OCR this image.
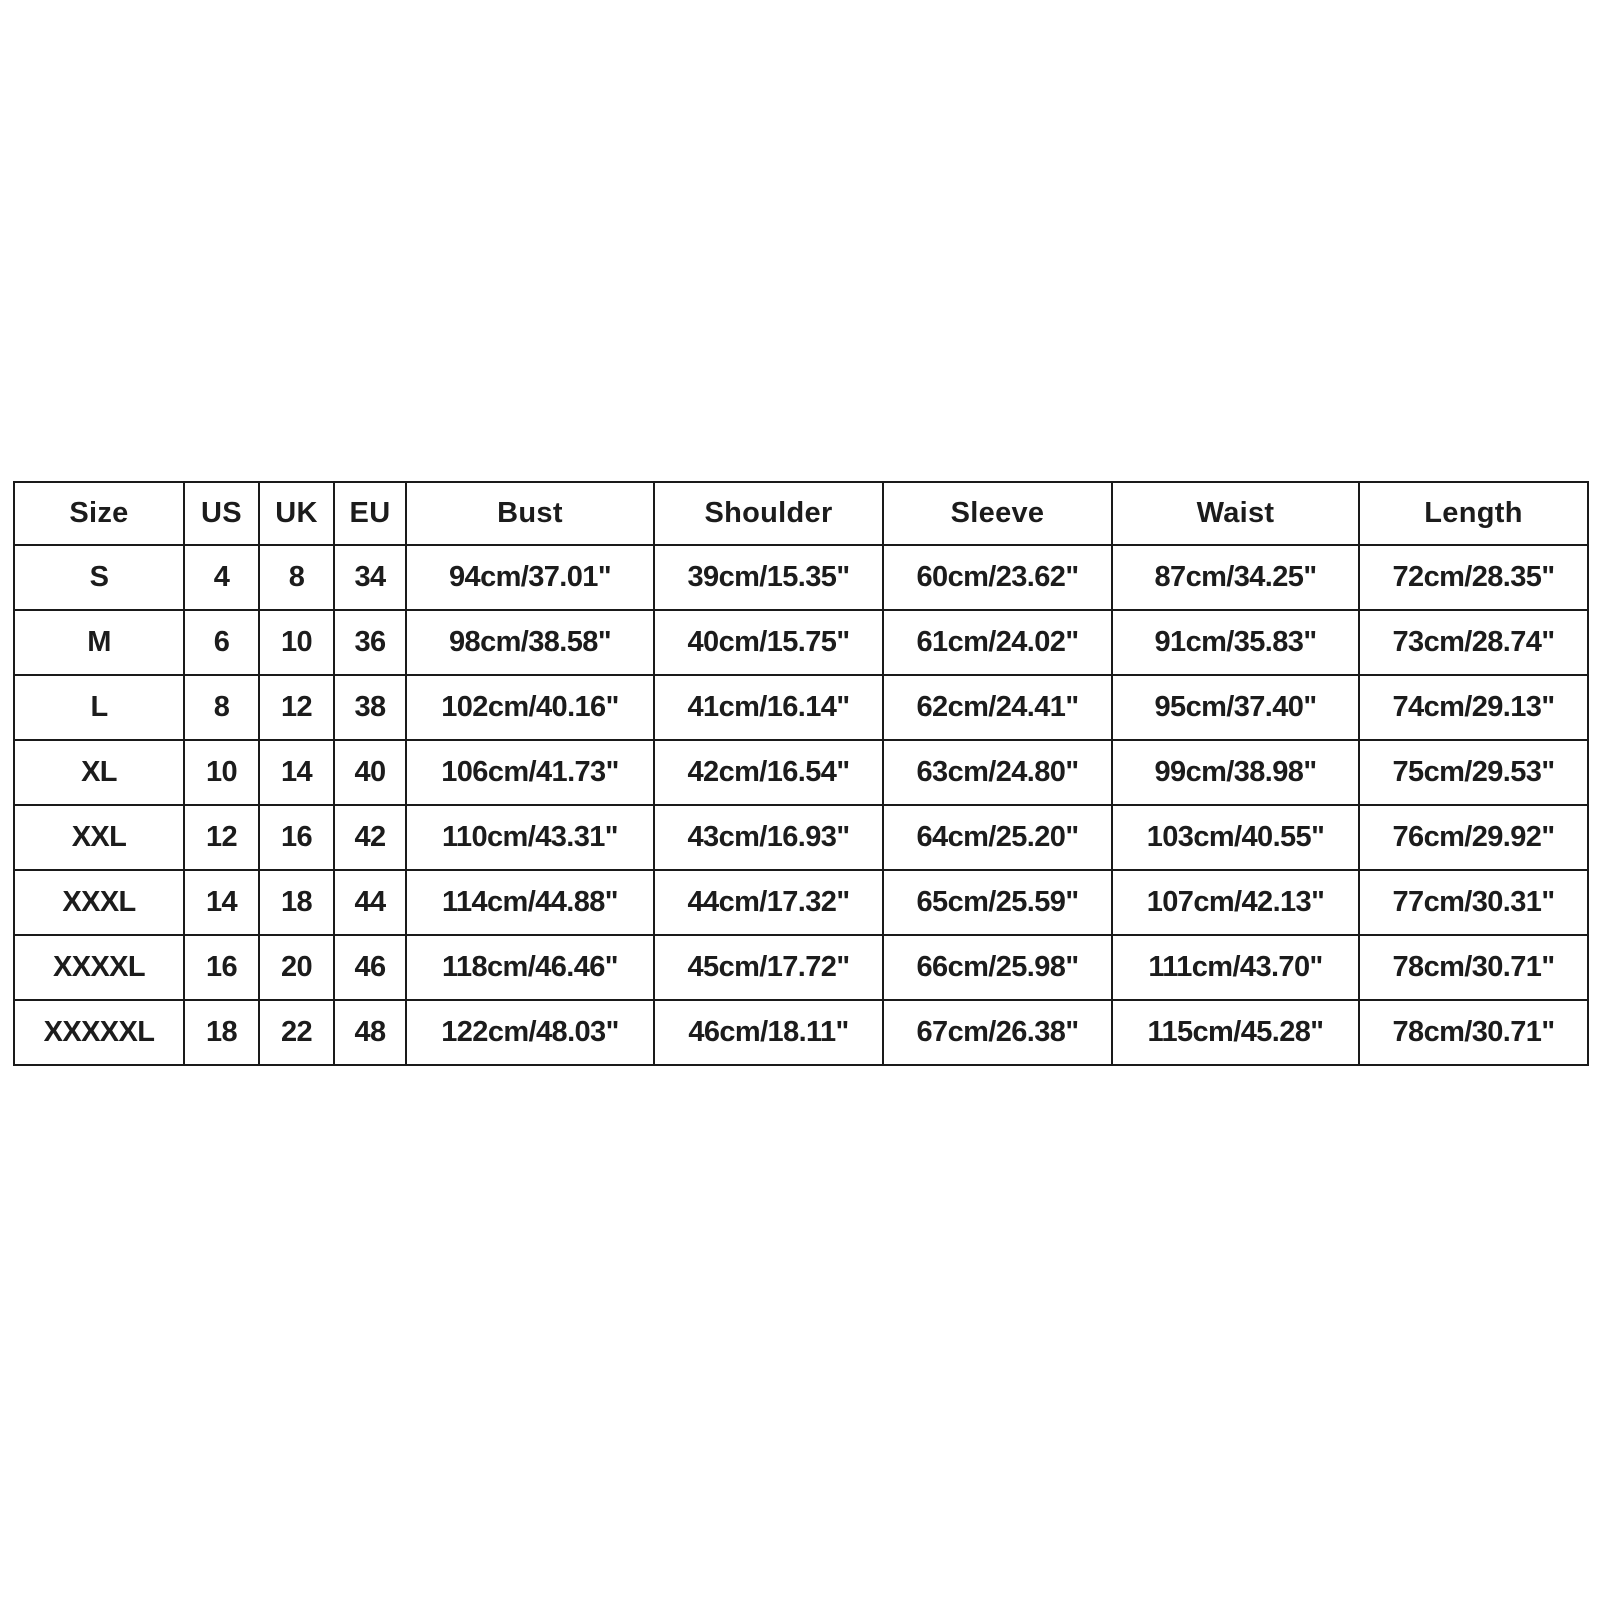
Size	US	UK	EU	Bust	Shoulder	Sleeve	Waist	Length
S	4	8	34	94cm/37.01"	39cm/15.35"	60cm/23.62"	87cm/34.25"	72cm/28.35"
M	6	10	36	98cm/38.58"	40cm/15.75"	61cm/24.02"	91cm/35.83"	73cm/28.74"
L	8	12	38	102cm/40.16"	41cm/16.14"	62cm/24.41"	95cm/37.40"	74cm/29.13"
XL	10	14	40	106cm/41.73"	42cm/16.54"	63cm/24.80"	99cm/38.98"	75cm/29.53"
XXL	12	16	42	110cm/43.31"	43cm/16.93"	64cm/25.20"	103cm/40.55"	76cm/29.92"
XXXL	14	18	44	114cm/44.88"	44cm/17.32"	65cm/25.59"	107cm/42.13"	77cm/30.31"
XXXXL	16	20	46	118cm/46.46"	45cm/17.72"	66cm/25.98"	111cm/43.70"	78cm/30.71"
XXXXXL	18	22	48	122cm/48.03"	46cm/18.11"	67cm/26.38"	115cm/45.28"	78cm/30.71"
